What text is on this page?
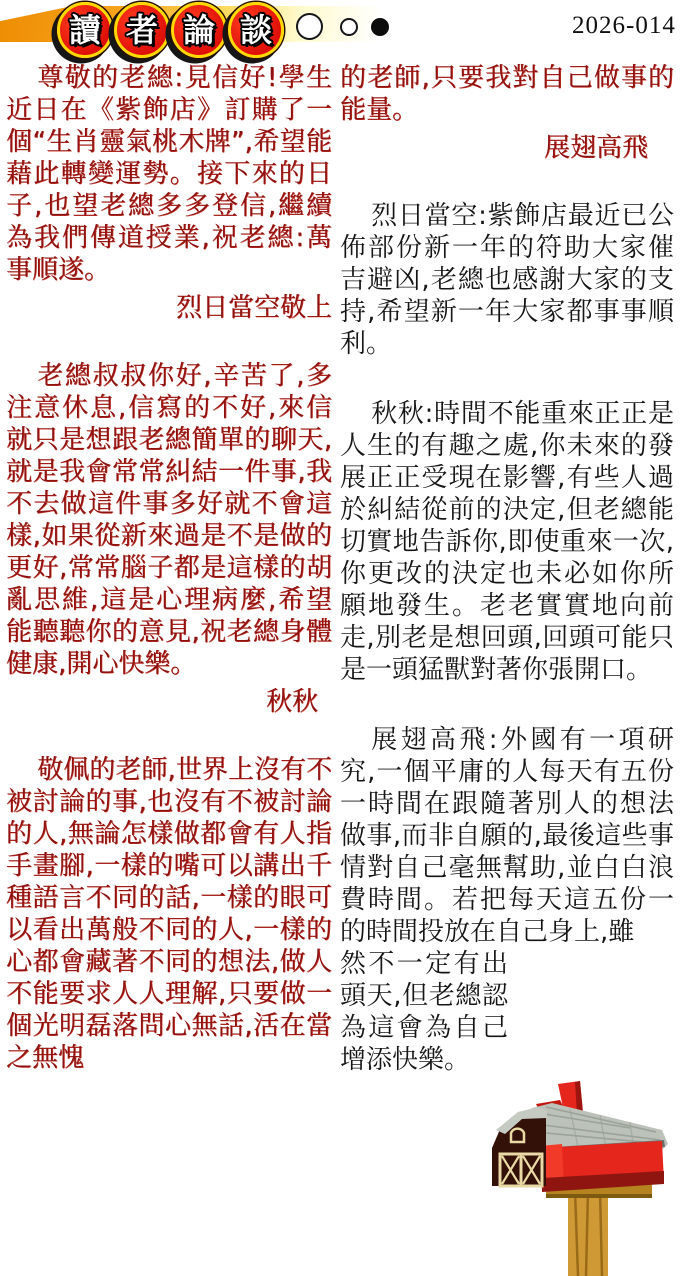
讀 者 論 談	2026-014

尊敬的老總:見信好!學生近日在《紫飾店》訂購了一個“生肖靈氣桃木牌”,希望能藉此轉變運勢。接下來的日子,也望老總多多登信,繼續為我們傳道授業,祝老總:萬事順遂。

烈日當空敬上

老總叔叔你好,辛苦了,多注意休息,信寫的不好,來信就只是想跟老總簡單的聊天,就是我會常常糾結一件事,我不去做這件事多好就不會這樣,如果從新來過是不是做的更好,常常腦子都是這樣的胡亂思維,這是心理病麼,希望能聽聽你的意見,祝老總身體健康,開心快樂。

秋秋

敬佩的老師,世界上沒有不被討論的事,也沒有不被討論的人,無論怎樣做都會有人指手畫腳,一樣的嘴可以講出千種語言不同的話,一樣的眼可以看出萬般不同的人,一樣的心都會藏著不同的想法,做人不能要求人人理解,只要做一個光明磊落問心無話,活在當之無愧

的老師,只要我對自己做事的能量。

展翅高飛

烈日當空:紫飾店最近已公佈部份新一年的符助大家催吉避凶,老總也感謝大家的支持,希望新一年大家都事事順利。

秋秋:時間不能重來正正是人生的有趣之處,你未來的發展正正受現在影響,有些人過於糾結從前的決定,但老總能切實地告訴你,即使重來一次,你更改的決定也未必如你所願地發生。老老實實地向前走,別老是想回頭,回頭可能只是一頭猛獸對著你張開口。

展翅高飛:外國有一項研究,一個平庸的人每天有五份一時間在跟隨著別人的想法做事,而非自願的,最後這些事情對自己毫無幫助,並白白浪費時間。若把每天這五份一的時間投放在自己身上,雖

然不一定有出頭天,但老總認為這會為自己增添快樂。
